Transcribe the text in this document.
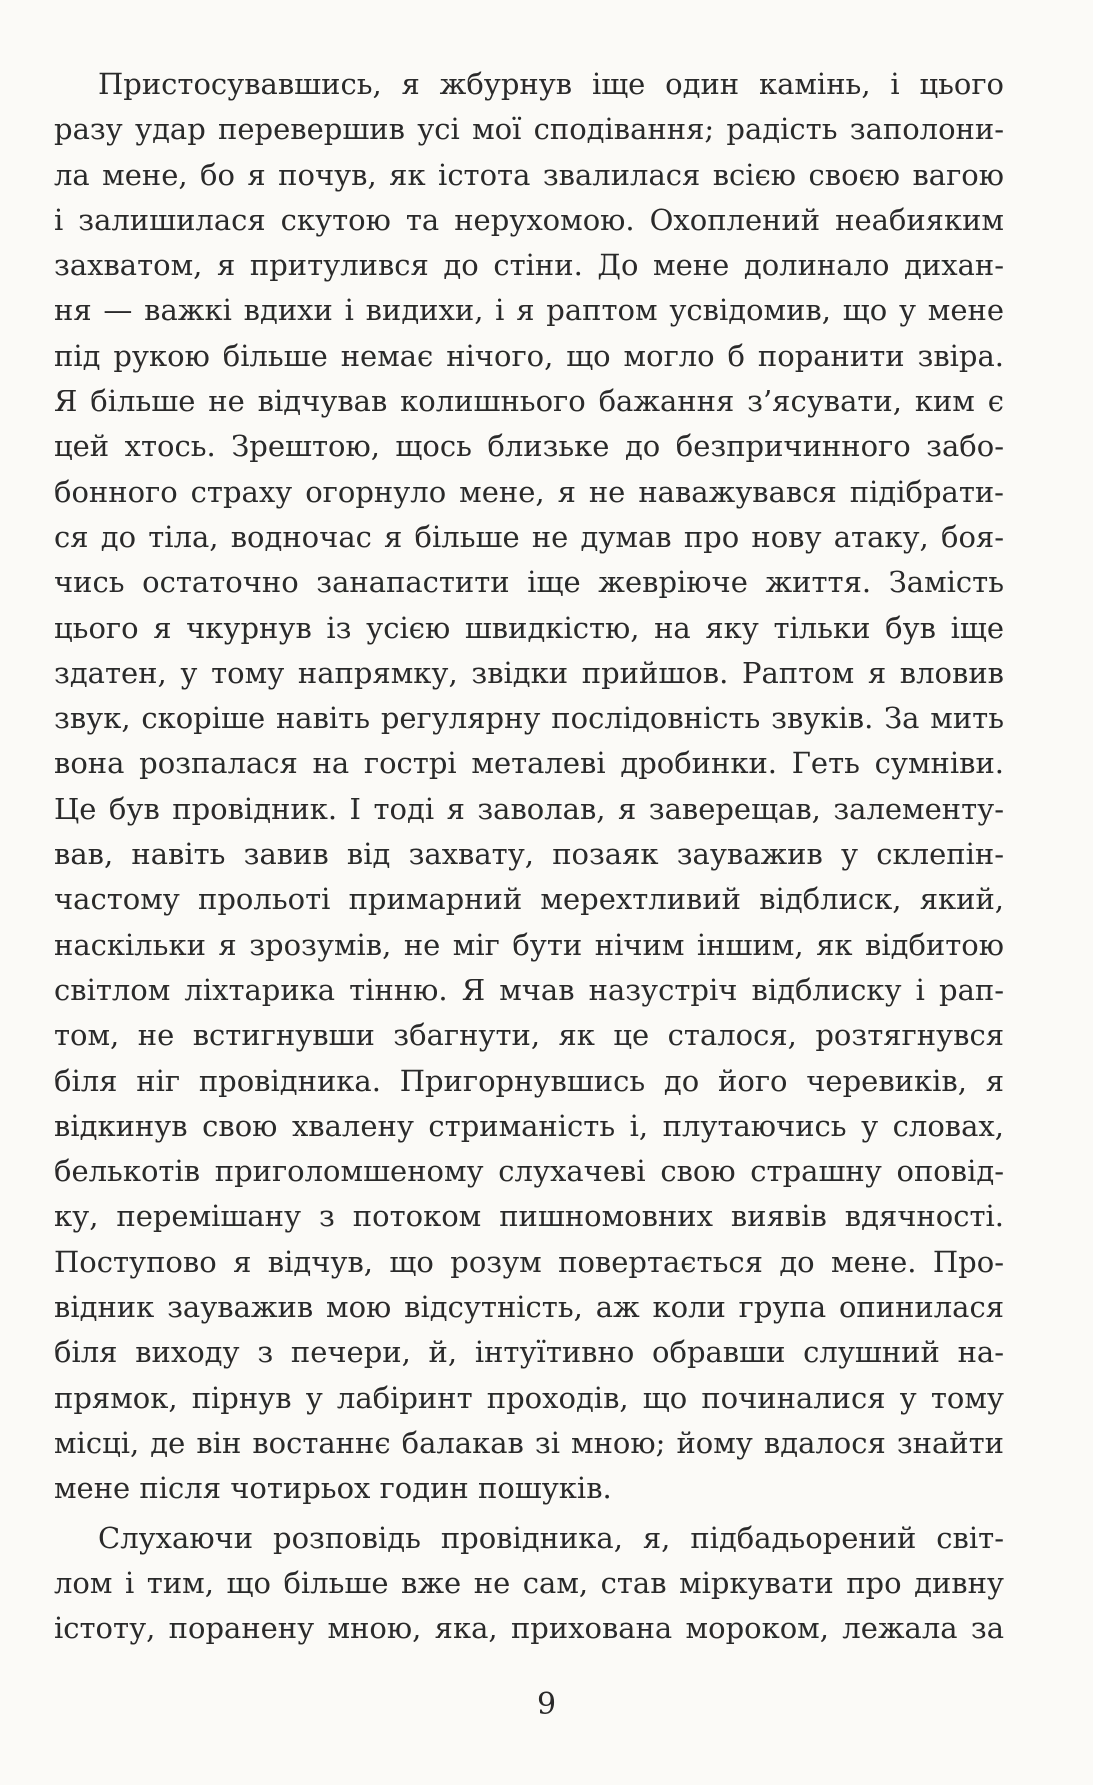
Пристосувавшись, я жбурнув іще один камінь, і цього
разу удар перевершив усі мої сподівання; радість заполони-
ла мене, бо я почув, як істота звалилася всією своєю вагою
і залишилася скутою та нерухомою. Охоплений неабияким
захватом, я притулився до стіни. До мене долинало дихан-
ня — важкі вдихи і видихи, і я раптом усвідомив, що у мене
під рукою більше немає нічого, що могло б поранити звіра.
Я більше не відчував колишнього бажання з’ясувати, ким є
цей хтось. Зрештою, щось близьке до безпричинного забо-
бонного страху огорнуло мене, я не наважувався підібрати-
ся до тіла, водночас я більше не думав про нову атаку, боя-
чись остаточно занапастити іще жевріюче життя. Замість
цього я чкурнув із усією швидкістю, на яку тільки був іще
здатен, у тому напрямку, звідки прийшов. Раптом я вловив
звук, скоріше навіть регулярну послідовність звуків. За мить
вона розпалася на гострі металеві дробинки. Геть сумніви.
Це був провідник. І тоді я заволав, я заверещав, залементу-
вав, навіть завив від захвату, позаяк зауважив у склепін-
частому прольоті примарний мерехтливий відблиск, який,
наскільки я зрозумів, не міг бути нічим іншим, як відбитою
світлом ліхтарика тінню. Я мчав назустріч відблиску і рап-
том, не встигнувши збагнути, як це сталося, розтягнувся
біля ніг провідника. Пригорнувшись до його черевиків, я
відкинув свою хвалену стриманість і, плутаючись у словах,
белькотів приголомшеному слухачеві свою страшну оповід-
ку, перемішану з потоком пишномовних виявів вдячності.
Поступово я відчув, що розум повертається до мене. Про-
відник зауважив мою відсутність, аж коли група опинилася
біля виходу з печери, й, інтуїтивно обравши слушний на-
прямок, пірнув у лабіринт проходів, що починалися у тому
місці, де він востаннє балакав зі мною; йому вдалося знайти
мене після чотирьох годин пошуків.

Слухаючи розповідь провідника, я, підбадьорений світ-
лом і тим, що більше вже не сам, став міркувати про дивну
істоту, поранену мною, яка, прихована мороком, лежала за

9
